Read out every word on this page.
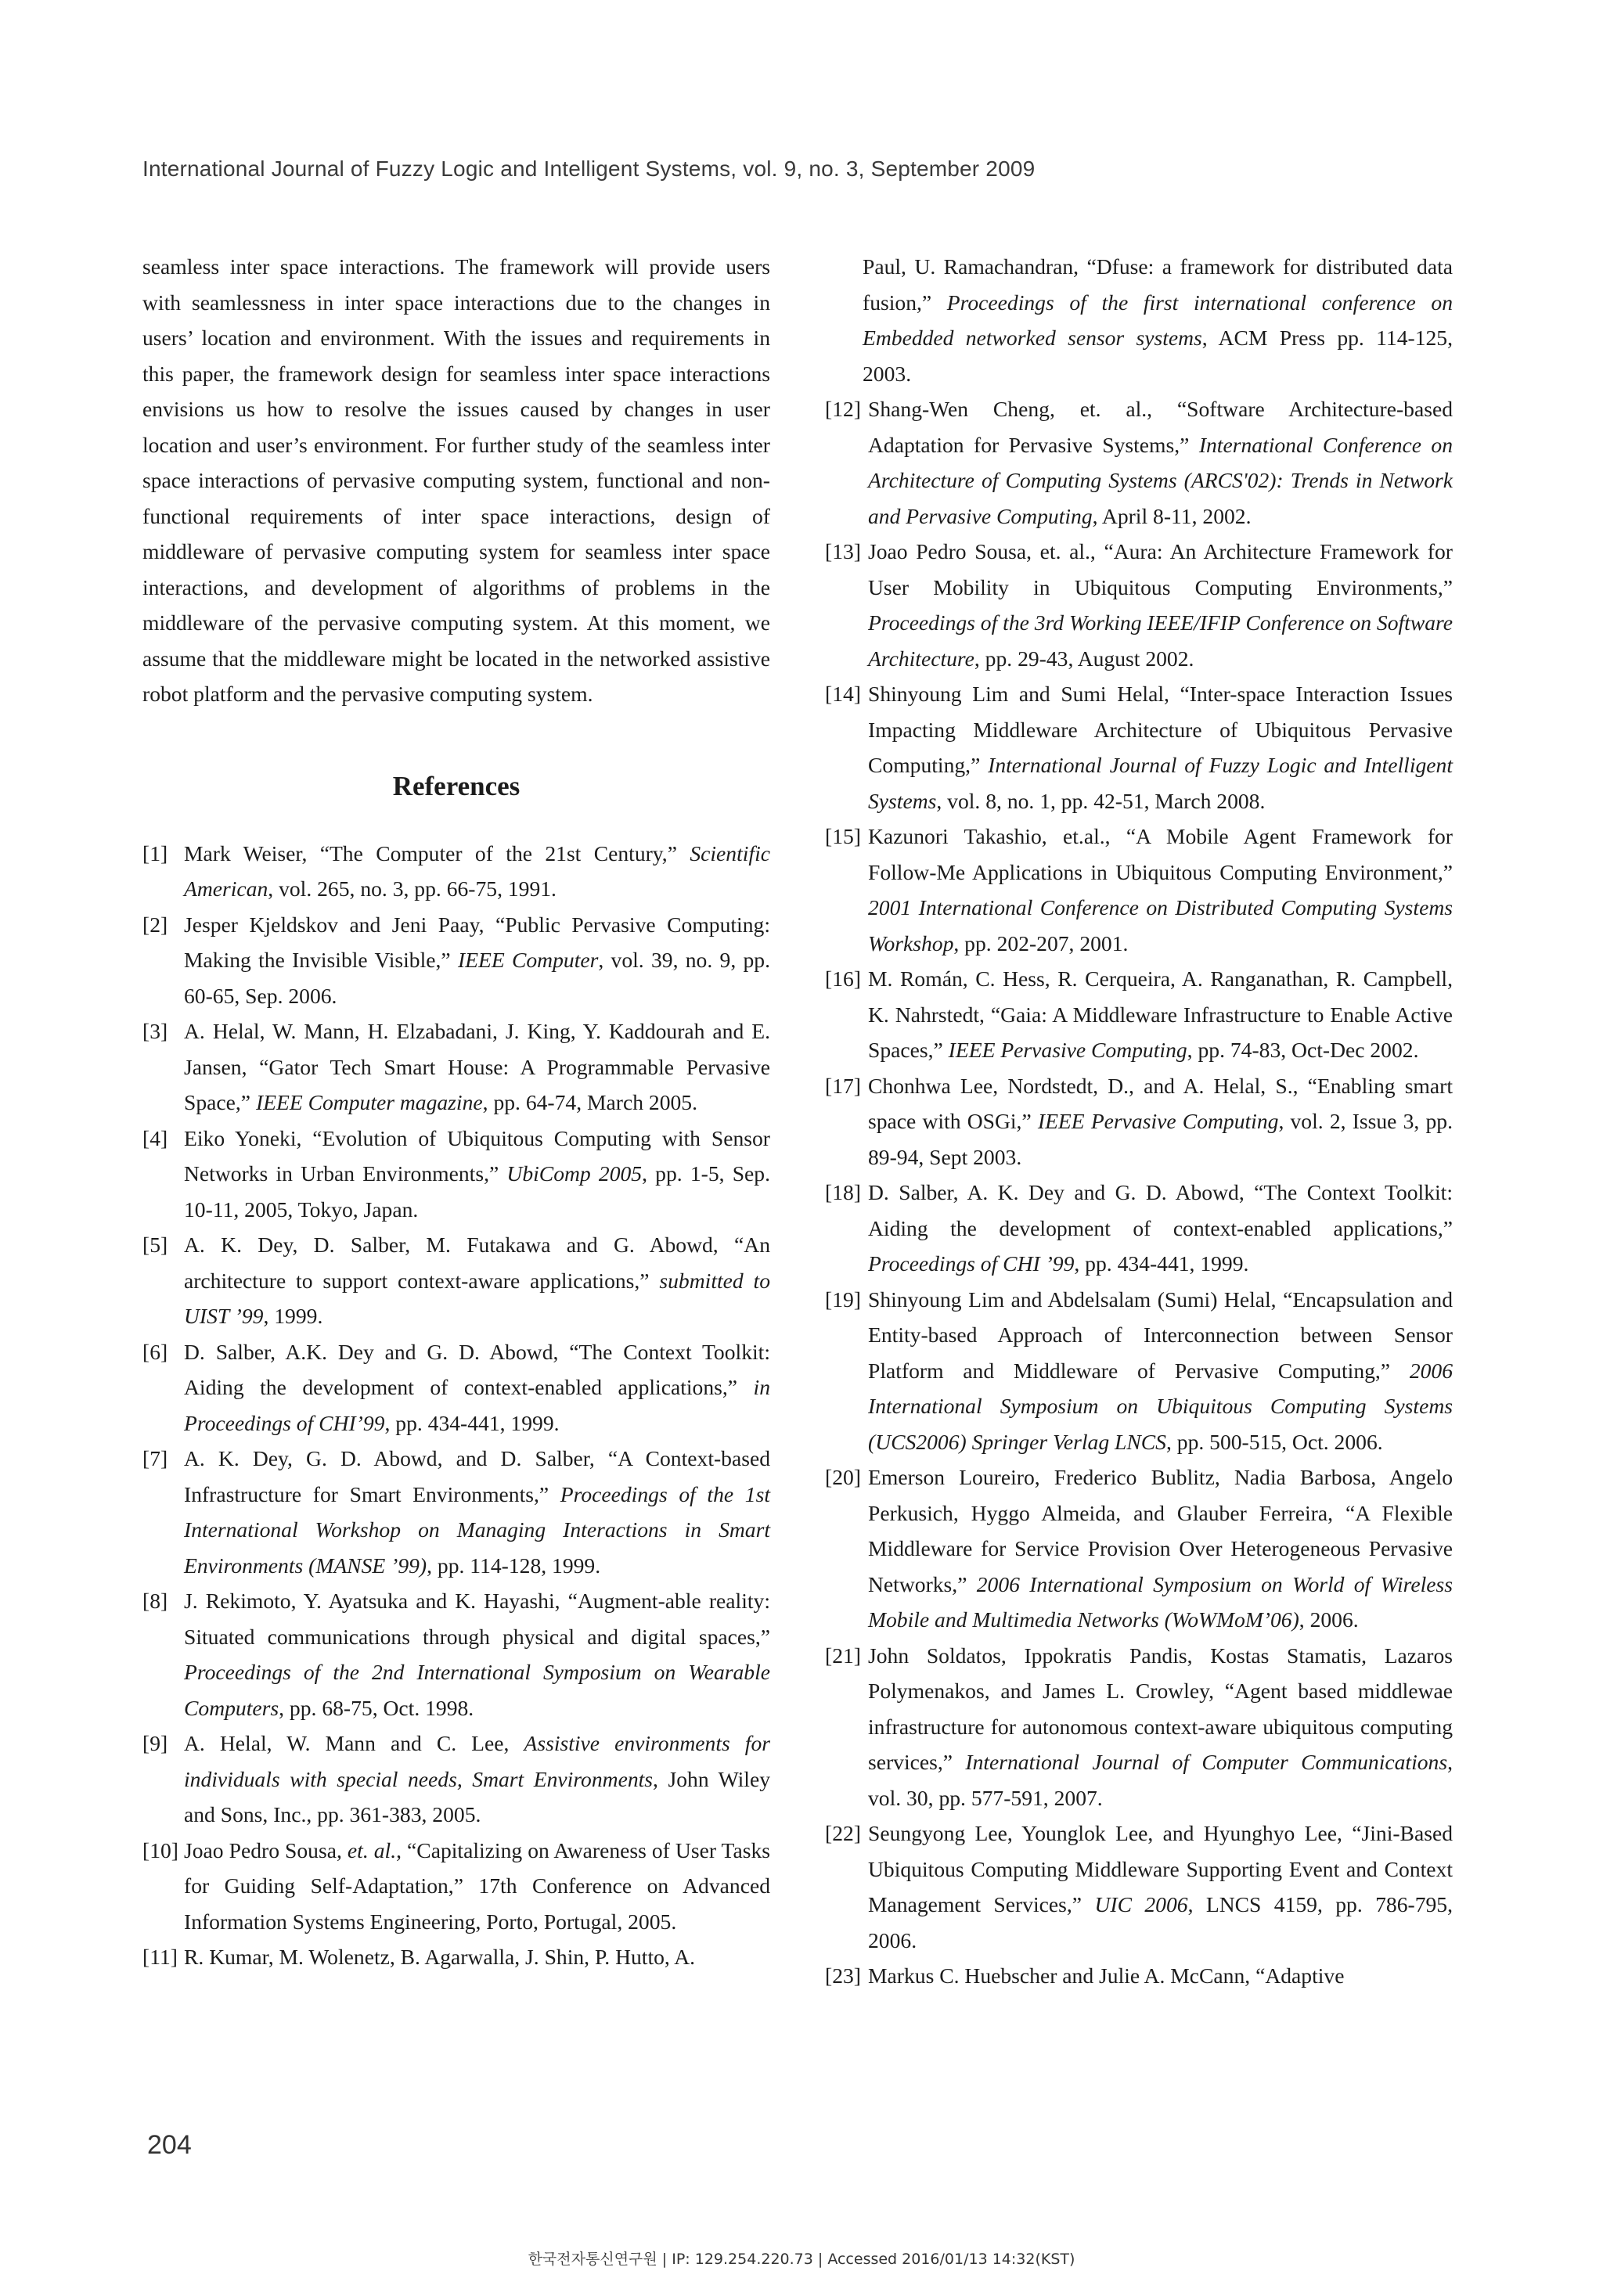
International Journal of Fuzzy Logic and Intelligent Systems, vol. 9, no. 3, September 2009

seamless inter space interactions. The framework will provide users with seamlessness in inter space interactions due to the changes in users’ location and environment. With the issues and requirements in this paper, the framework design for seamless inter space interactions envisions us how to resolve the issues caused by changes in user location and user’s environment. For further study of the seamless inter space interactions of pervasive computing system, functional and non-functional requirements of inter space interactions, design of middleware of pervasive computing system for seamless inter space interactions, and development of algorithms of problems in the middleware of the pervasive computing system. At this moment, we assume that the middleware might be located in the networked assistive robot platform and the pervasive computing system.

References
[1] Mark Weiser, “The Computer of the 21st Century,” Scientific American, vol. 265, no. 3, pp. 66-75, 1991.
[2] Jesper Kjeldskov and Jeni Paay, “Public Pervasive Computing: Making the Invisible Visible,” IEEE Computer, vol. 39, no. 9, pp. 60-65, Sep. 2006.
[3] A. Helal, W. Mann, H. Elzabadani, J. King, Y. Kaddourah and E. Jansen, “Gator Tech Smart House: A Programmable Pervasive Space,” IEEE Computer magazine, pp. 64-74, March 2005.
[4] Eiko Yoneki, “Evolution of Ubiquitous Computing with Sensor Networks in Urban Environments,” UbiComp 2005, pp. 1-5, Sep. 10-11, 2005, Tokyo, Japan.
[5] A. K. Dey, D. Salber, M. Futakawa and G. Abowd, “An architecture to support context-aware applications,” submitted to UIST ’99, 1999.
[6] D. Salber, A.K. Dey and G. D. Abowd, “The Context Toolkit: Aiding the development of context-enabled applications,” in Proceedings of CHI’99, pp. 434-441, 1999.
[7] A. K. Dey, G. D. Abowd, and D. Salber, “A Context-based Infrastructure for Smart Environments,” Proceedings of the 1st International Workshop on Managing Interactions in Smart Environments (MANSE ’99), pp. 114-128, 1999.
[8] J. Rekimoto, Y. Ayatsuka and K. Hayashi, “Augment-able reality: Situated communications through physical and digital spaces,” Proceedings of the 2nd International Symposium on Wearable Computers, pp. 68-75, Oct. 1998.
[9] A. Helal, W. Mann and C. Lee, Assistive environments for individuals with special needs, Smart Environments, John Wiley and Sons, Inc., pp. 361-383, 2005.
[10] Joao Pedro Sousa, et. al., “Capitalizing on Awareness of User Tasks for Guiding Self-Adaptation,” 17th Conference on Advanced Information Systems Engineering, Porto, Portugal, 2005.
[11] R. Kumar, M. Wolenetz, B. Agarwalla, J. Shin, P. Hutto, A.
Paul, U. Ramachandran, “Dfuse: a framework for distributed data fusion,” Proceedings of the first international conference on Embedded networked sensor systems, ACM Press pp. 114-125, 2003.
[12] Shang-Wen Cheng, et. al., “Software Architecture-based Adaptation for Pervasive Systems,” International Conference on Architecture of Computing Systems (ARCS'02): Trends in Network and Pervasive Computing, April 8-11, 2002.
[13] Joao Pedro Sousa, et. al., “Aura: An Architecture Framework for User Mobility in Ubiquitous Computing Environments,” Proceedings of the 3rd Working IEEE/IFIP Conference on Software Architecture, pp. 29-43, August 2002.
[14] Shinyoung Lim and Sumi Helal, “Inter-space Interaction Issues Impacting Middleware Architecture of Ubiquitous Pervasive Computing,” International Journal of Fuzzy Logic and Intelligent Systems, vol. 8, no. 1, pp. 42-51, March 2008.
[15] Kazunori Takashio, et.al., “A Mobile Agent Framework for Follow-Me Applications in Ubiquitous Computing Environment,” 2001 International Conference on Distributed Computing Systems Workshop, pp. 202-207, 2001.
[16] M. Román, C. Hess, R. Cerqueira, A. Ranganathan, R. Campbell, K. Nahrstedt, “Gaia: A Middleware Infrastructure to Enable Active Spaces,” IEEE Pervasive Computing, pp. 74-83, Oct-Dec 2002.
[17] Chonhwa Lee, Nordstedt, D., and A. Helal, S., “Enabling smart space with OSGi,” IEEE Pervasive Computing, vol. 2, Issue 3, pp. 89-94, Sept 2003.
[18] D. Salber, A. K. Dey and G. D. Abowd, “The Context Toolkit: Aiding the development of context-enabled applications,” Proceedings of CHI ’99, pp. 434-441, 1999.
[19] Shinyoung Lim and Abdelsalam (Sumi) Helal, “Encapsulation and Entity-based Approach of Interconnection between Sensor Platform and Middleware of Pervasive Computing,” 2006 International Symposium on Ubiquitous Computing Systems (UCS2006) Springer Verlag LNCS, pp. 500-515, Oct. 2006.
[20] Emerson Loureiro, Frederico Bublitz, Nadia Barbosa, Angelo Perkusich, Hyggo Almeida, and Glauber Ferreira, “A Flexible Middleware for Service Provision Over Heterogeneous Pervasive Networks,” 2006 International Symposium on World of Wireless Mobile and Multimedia Networks (WoWMoM’06), 2006.
[21] John Soldatos, Ippokratis Pandis, Kostas Stamatis, Lazaros Polymenakos, and James L. Crowley, “Agent based middlewae infrastructure for autonomous context-aware ubiquitous computing services,” International Journal of Computer Communications, vol. 30, pp. 577-591, 2007.
[22] Seungyong Lee, Younglok Lee, and Hyunghyo Lee, “Jini-Based Ubiquitous Computing Middleware Supporting Event and Context Management Services,” UIC 2006, LNCS 4159, pp. 786-795, 2006.
[23] Markus C. Huebscher and Julie A. McCann, “Adaptive
204
한국전자통신연구원 | IP: 129.254.220.73 | Accessed 2016/01/13 14:32(KST)
